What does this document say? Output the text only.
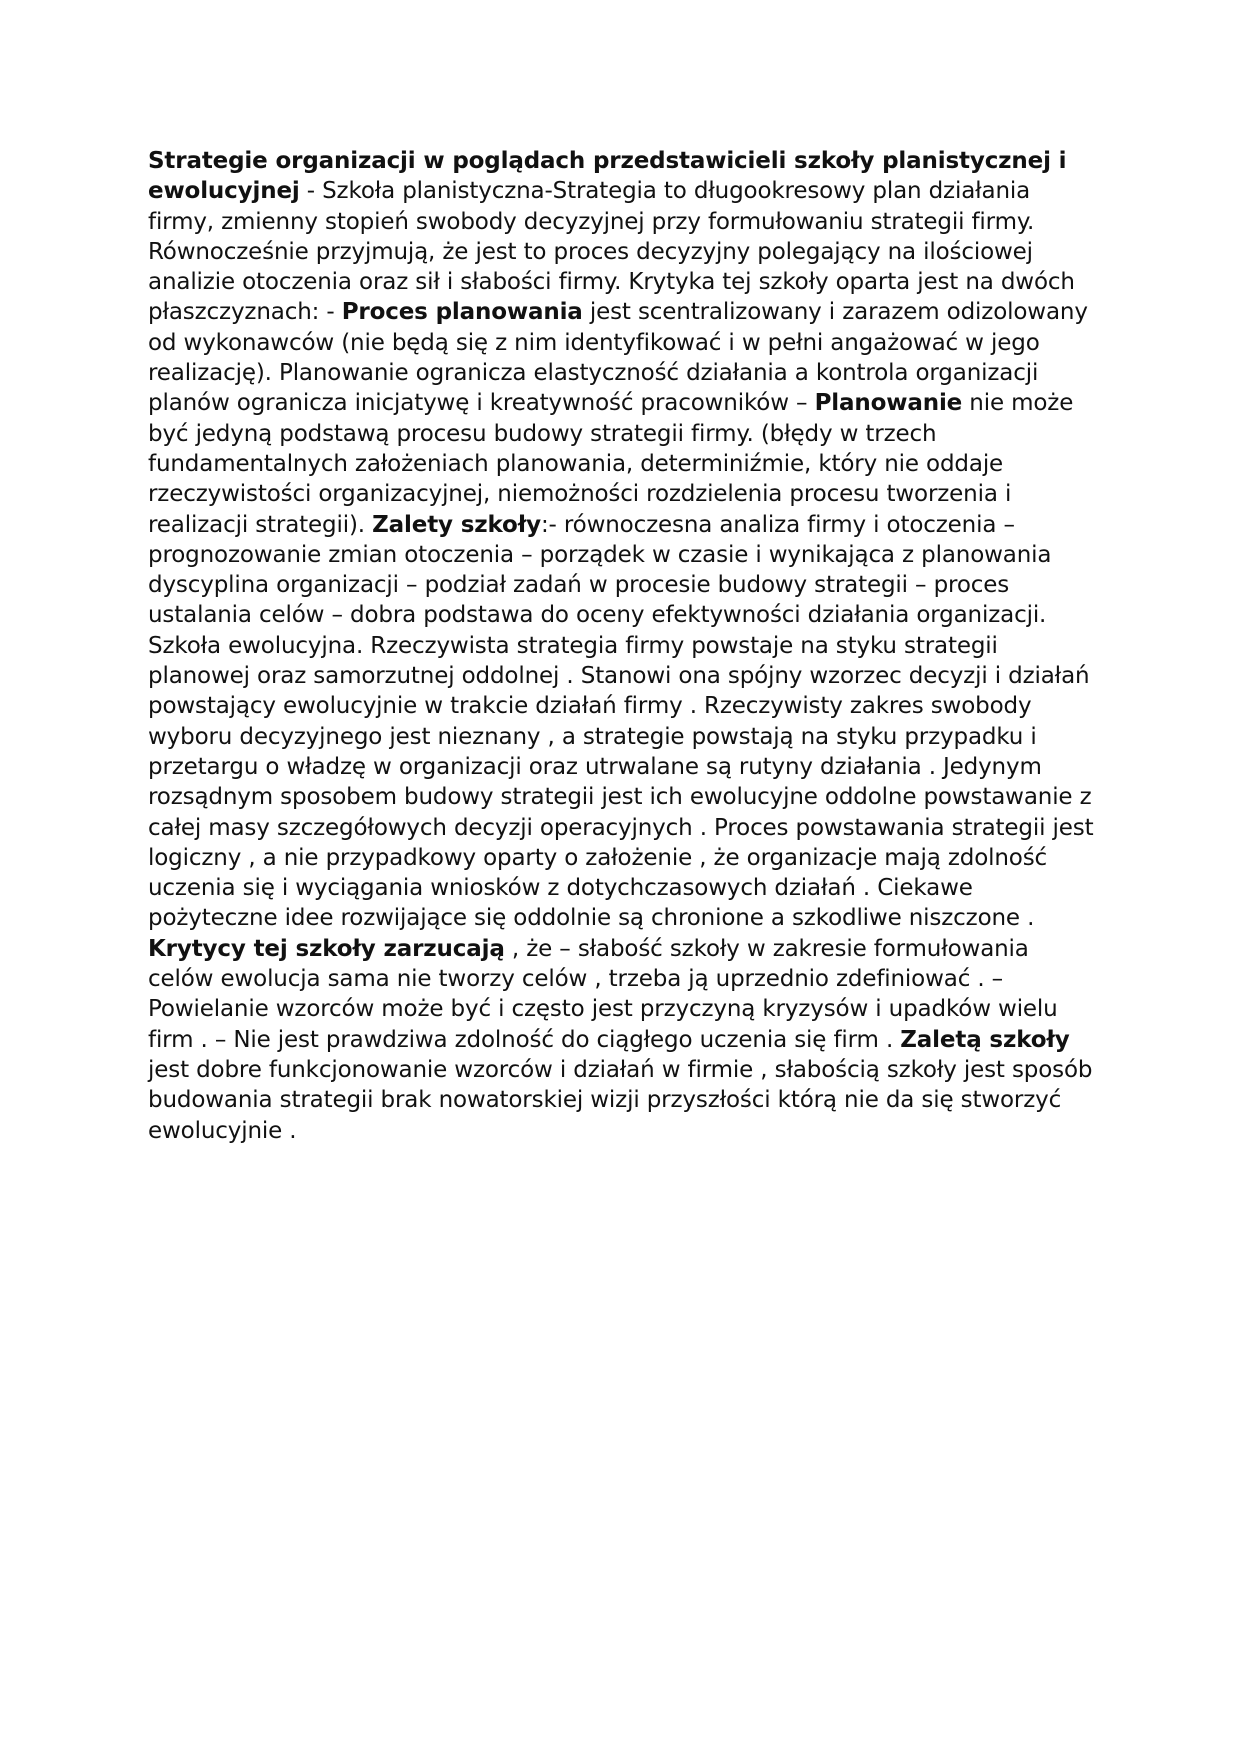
Strategie organizacji w poglądach przedstawicieli szkoły planistycznej i ewolucyjnej - Szkoła planistyczna-Strategia to długookresowy plan działania firmy, zmienny stopień swobody decyzyjnej przy formułowaniu strategii firmy. Równocześnie przyjmują, że jest to proces decyzyjny polegający na ilościowej analizie otoczenia oraz sił i słabości firmy. Krytyka tej szkoły oparta jest na dwóch płaszczyznach: - Proces planowania jest scentralizowany i zarazem odizolowany od wykonawców (nie będą się z nim identyfikować i w pełni angażować w jego realizację). Planowanie ogranicza elastyczność działania a kontrola organizacji planów ogranicza inicjatywę i kreatywność pracowników – Planowanie nie może być jedyną podstawą procesu budowy strategii firmy. (błędy w trzech fundamentalnych założeniach planowania, determiniźmie, który nie oddaje rzeczywistości organizacyjnej, niemożności rozdzielenia procesu tworzenia i realizacji strategii). Zalety szkoły:- równoczesna analiza firmy i otoczenia – prognozowanie zmian otoczenia – porządek w czasie i wynikająca z planowania dyscyplina organizacji – podział zadań w procesie budowy strategii – proces ustalania celów – dobra podstawa do oceny efektywności działania organizacji. Szkoła ewolucyjna. Rzeczywista strategia firmy powstaje na styku strategii planowej oraz samorzutnej oddolnej . Stanowi ona spójny wzorzec decyzji i działań powstający ewolucyjnie w trakcie działań firmy . Rzeczywisty zakres swobody wyboru decyzyjnego jest nieznany , a strategie powstają na styku przypadku i przetargu o władzę w organizacji oraz utrwalane są rutyny działania . Jedynym rozsądnym sposobem budowy strategii jest ich ewolucyjne oddolne powstawanie z całej masy szczegółowych decyzji operacyjnych . Proces powstawania strategii jest logiczny , a nie przypadkowy oparty o założenie , że organizacje mają zdolność uczenia się i wyciągania wniosków z dotychczasowych działań . Ciekawe pożyteczne idee rozwijające się oddolnie są chronione a szkodliwe niszczone . Krytycy tej szkoły zarzucają , że – słabość szkoły w zakresie formułowania celów ewolucja sama nie tworzy celów , trzeba ją uprzednio zdefiniować . – Powielanie wzorców może być i często jest przyczyną kryzysów i upadków wielu firm . – Nie jest prawdziwa zdolność do ciągłego uczenia się firm . Zaletą szkoły jest dobre funkcjonowanie wzorców i działań w firmie , słabością szkoły jest sposób budowania strategii brak nowatorskiej wizji przyszłości którą nie da się stworzyć ewolucyjnie .
